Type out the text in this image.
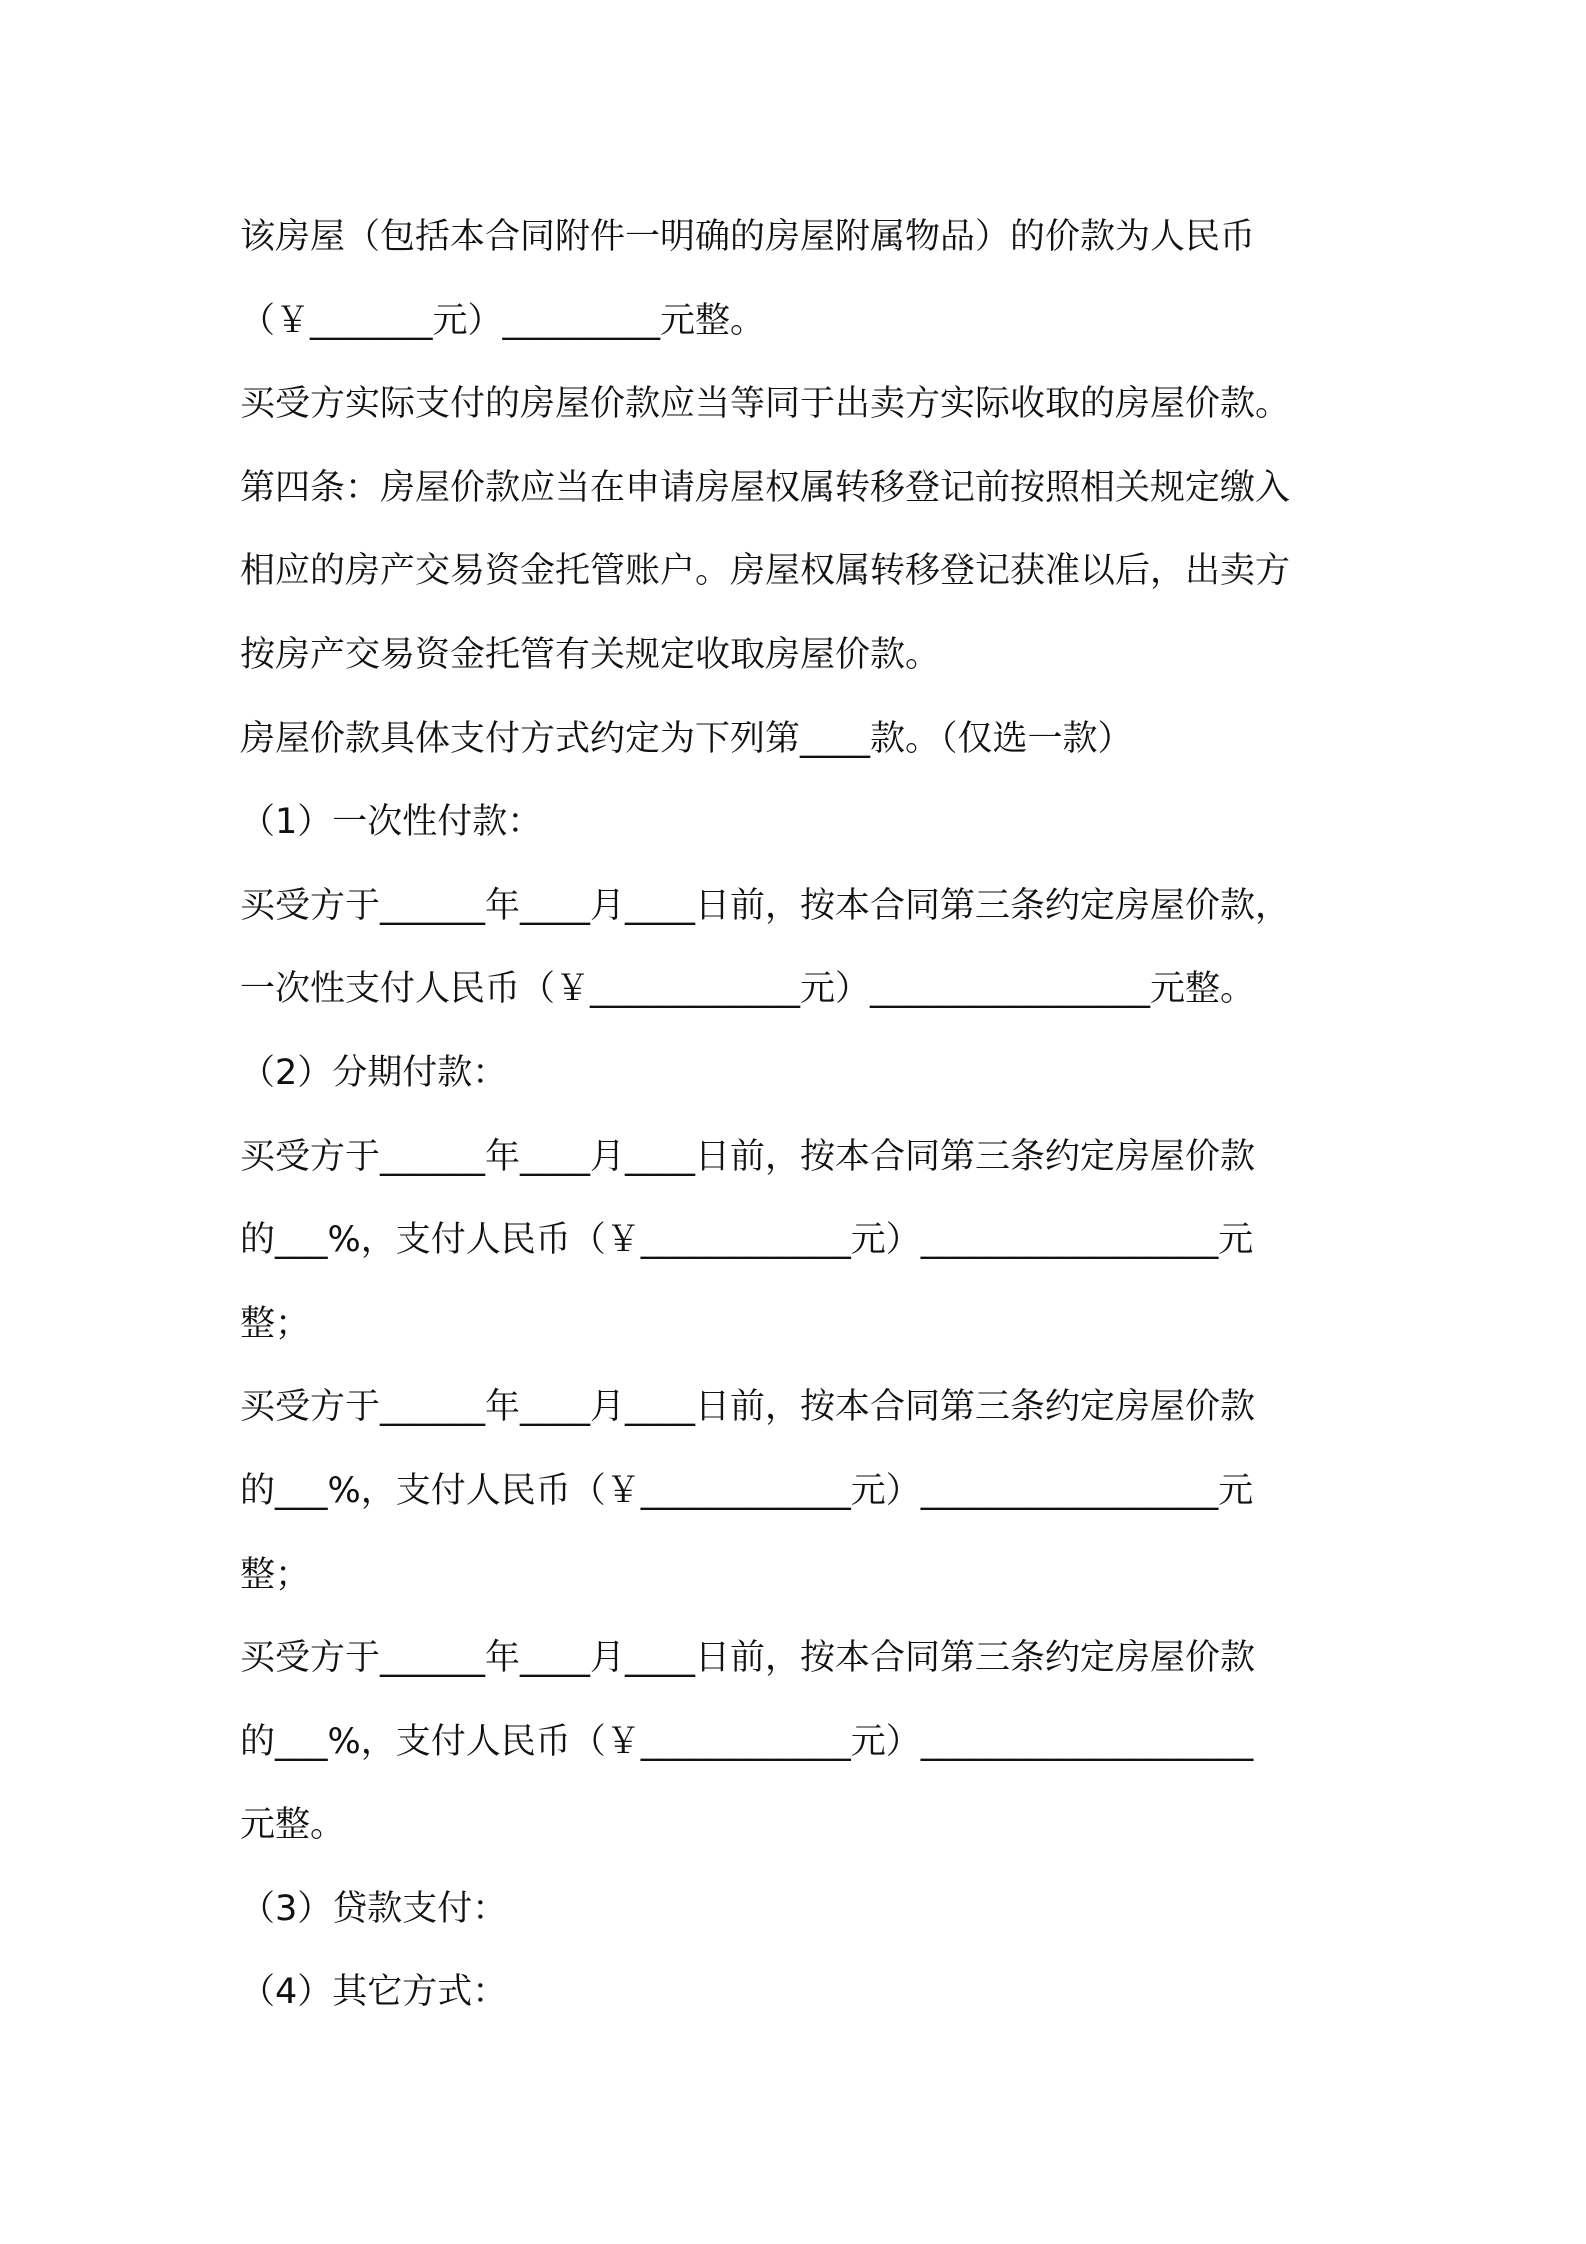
该房屋（包括本合同附件一明确的房屋附属物品）的价款为人民币
（￥_______元）_________元整。
买受方实际支付的房屋价款应当等同于出卖方实际收取的房屋价款。
第四条：房屋价款应当在申请房屋权属转移登记前按照相关规定缴入
相应的房产交易资金托管账户。房屋权属转移登记获准以后，出卖方
按房产交易资金托管有关规定收取房屋价款。
房屋价款具体支付方式约定为下列第____款。（仅选一款）
（1）一次性付款：
买受方于______年____月____日前，按本合同第三条约定房屋价款，
一次性支付人民币（￥____________元）________________元整。
（2）分期付款：
买受方于______年____月____日前，按本合同第三条约定房屋价款
的___%，支付人民币（￥____________元）_________________元
整；
买受方于______年____月____日前，按本合同第三条约定房屋价款
的___%，支付人民币（￥____________元）_________________元
整；
买受方于______年____月____日前，按本合同第三条约定房屋价款
的___%，支付人民币（￥____________元）___________________
元整。
（3）贷款支付：
（4）其它方式：
